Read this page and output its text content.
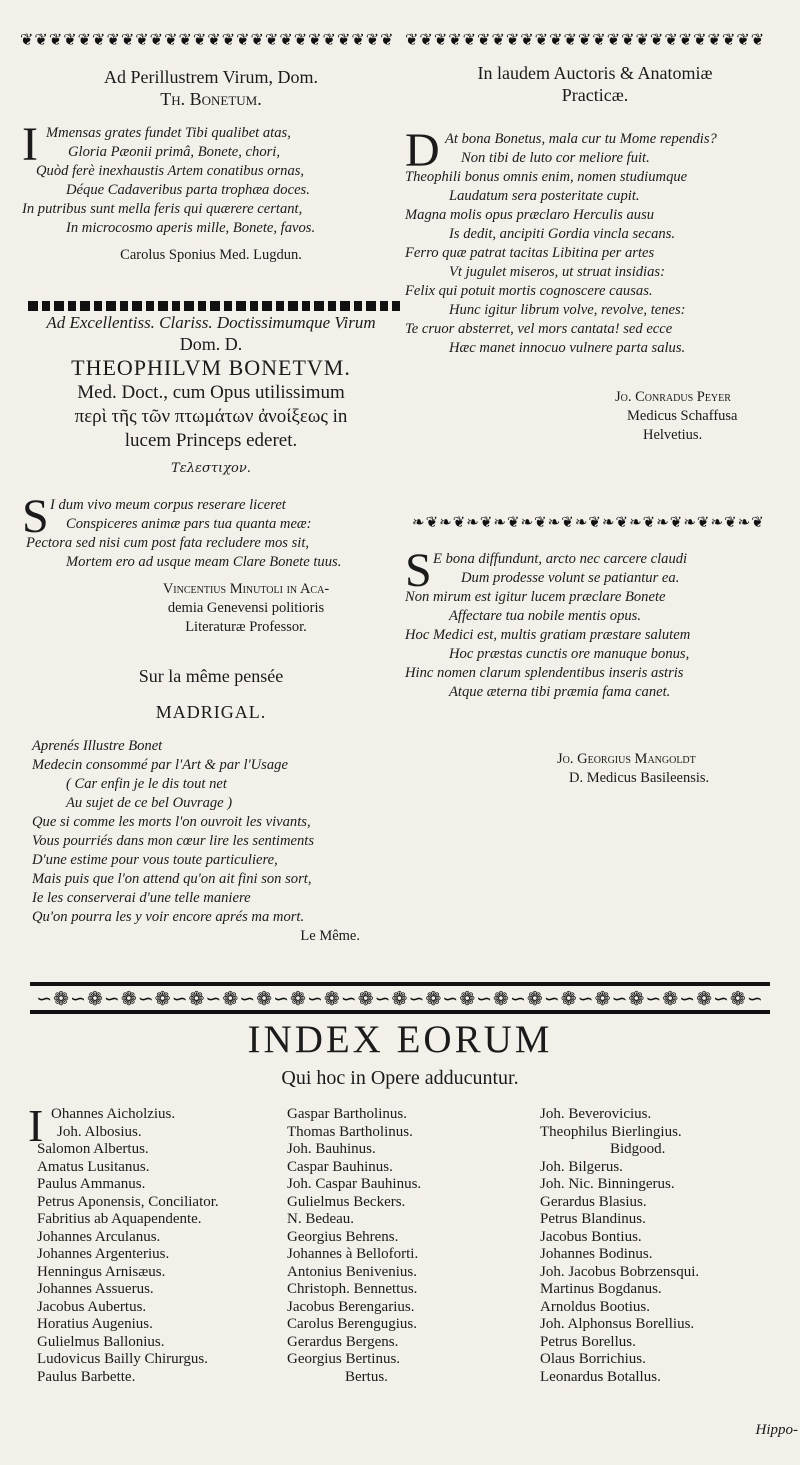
❦❦❦❦❦❦❦❦❦❦❦❦❦❦❦❦❦❦❦❦❦❦❦❦❦❦ ❦❦❦❦❦❦❦❦❦❦❦❦❦❦❦❦❦❦❦❦❦❦❦❦❦
Ad Perillustrem Virum, Dom.
Th. Bonetum.
I Mmensas grates fundet Tibi qualibet atas,
Gloria Pæonii primâ, Bonete, chori,
Quòd ferè inexhaustis Artem conatibus ornas,
Déque Cadaveribus parta trophæa doces.
In putribus sunt mella feris qui quærere certant,
In microcosmo aperis mille, Bonete, favos.
Carolus Sponius Med. Lugdun.
Ad Excellentiss. Clariss. Doctissimumque Virum
Dom. D.
THEOPHILVM BONETVM.
Med. Doct., cum Opus utilissimum
περὶ τῆς τῶν πτωμάτων ἀνοίξεως in
lucem Princeps ederet.
Τελεστιχον.
S I dum vivo meum corpus reserare liceret
Conspiceres animæ pars tua quanta meæ:
Pectora sed nisi cum post fata recludere mos sit,
Mortem ero ad usque meam Clare Bonete tuus.
Vincentius Minutoli in Aca-
demia Genevensi politioris
Literaturæ Professor.
Sur la même pensée
MADRIGAL.
Aprenés Illustre Bonet
Medecin consommé par l'Art & par l'Usage
( Car enfin je le dis tout net
Au sujet de ce bel Ouvrage )
Que si comme les morts l'on ouvroit les vivants,
Vous pourriés dans mon cœur lire les sentiments
D'une estime pour vous toute particuliere,
Mais puis que l'on attend qu'on ait fini son sort,
Ie les conserverai d'une telle maniere
Qu'on pourra les y voir encore aprés ma mort.
Le Même.
In laudem Auctoris & Anatomiæ
Practicæ.
D At bona Bonetus, mala cur tu Mome rependis?
Non tibi de luto cor meliore fuit.
Theophili bonus omnis enim, nomen studiumque
Laudatum sera posteritate cupit.
Magna molis opus præclaro Herculis ausu
Is dedit, ancipiti Gordia vincla secans.
Ferro quæ patrat tacitas Libitina per artes
Vt jugulet miseros, ut struat insidias:
Felix qui potuit mortis cognoscere causas.
Hunc igitur librum volve, revolve, tenes:
Te cruor absterret, vel mors cantata! sed ecce
Hæc manet innocuo vulnere parta salus.
Jo. Conradus Peyer
Medicus Schaffusa
Helvetius.
❧❦❧❦❧❦❧❦❧❦❧❦❧❦❧❦❧❦❧❦❧❦❧❦❧❦
S E bona diffundunt, arcto nec carcere claudi
Dum prodesse volunt se patiantur ea.
Non mirum est igitur lucem præclare Bonete
Affectare tua nobile mentis opus.
Hoc Medici est, multis gratiam præstare salutem
Hoc præstas cunctis ore manuque bonus,
Hinc nomen clarum splendentibus inseris astris
Atque æterna tibi præmia fama canet.
Jo. Georgius Mangoldt
D. Medicus Basileensis.
∽❁∽❁∽❁∽❁∽❁∽❁∽❁∽❁∽❁∽❁∽❁∽❁∽❁∽❁∽❁∽❁∽❁∽❁∽❁∽❁∽❁∽
INDEX EORUM
Qui hoc in Opere adducuntur.
I Ohannes Aicholzius.
Joh. Albosius.
Salomon Albertus.
Amatus Lusitanus.
Paulus Ammanus.
Petrus Aponensis, Conciliator.
Fabritius ab Aquapendente.
Johannes Arculanus.
Johannes Argenterius.
Henningus Arnisæus.
Johannes Assuerus.
Jacobus Aubertus.
Horatius Augenius.
Gulielmus Ballonius.
Ludovicus Bailly Chirurgus.
Paulus Barbette.
Gaspar Bartholinus.
Thomas Bartholinus.
Joh. Bauhinus.
Caspar Bauhinus.
Joh. Caspar Bauhinus.
Gulielmus Beckers.
N. Bedeau.
Georgius Behrens.
Johannes à Belloforti.
Antonius Benivenius.
Christoph. Bennettus.
Jacobus Berengarius.
Carolus Berengugius.
Gerardus Bergens.
Georgius Bertinus.
Bertus.
Joh. Beverovicius.
Theophilus Bierlingius.
Bidgood.
Joh. Bilgerus.
Joh. Nic. Binningerus.
Gerardus Blasius.
Petrus Blandinus.
Jacobus Bontius.
Johannes Bodinus.
Joh. Jacobus Bobrzensqui.
Martinus Bogdanus.
Arnoldus Bootius.
Joh. Alphonsus Borellius.
Petrus Borellus.
Olaus Borrichius.
Leonardus Botallus.
Hippo-
